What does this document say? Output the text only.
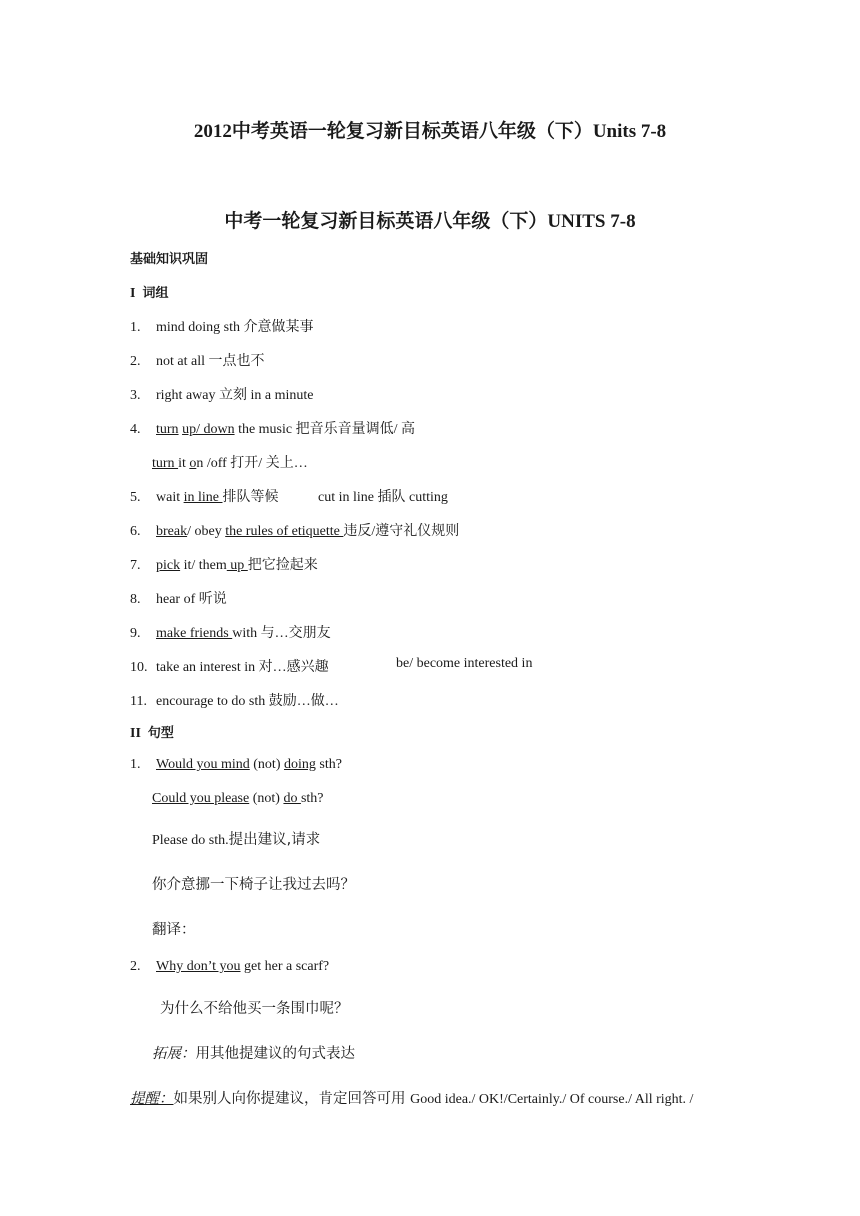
2012中考英语一轮复习新目标英语八年级（下）Units 7-8
中考一轮复习新目标英语八年级（下）UNITS 7-8
基础知识巩固
I 词组
1. mind doing sth 介意做某事
2. not at all 一点也不
3. right away 立刻 in a minute
4. turn up/ down the music 把音乐音量调低/ 高
turn it on /off 打开/ 关上…
5. wait in line 排队等候	cut in line 插队 cutting
6. break/ obey the rules of etiquette 违反/遵守礼仪规则
7. pick it/ them up 把它捡起来
8. hear of 听说
9. make friends with 与…交朋友
10. take an interest in 对…感兴趣	be/ become interested in
11. encourage to do sth 鼓励…做…
II 句型
1. Would you mind (not) doing sth?
Could you please (not) do sth?
Please do sth.提出建议,请求
你介意挪一下椅子让我过去吗？
翻译：
2. Why don’t you get her a scarf?
为什么不给他买一条围巾呢？
拓展：用其他提建议的句式表达
提醒：如果别人向你提建议，肯定回答可用 Good idea./ OK!/Certainly./ Of course./ All right. /
